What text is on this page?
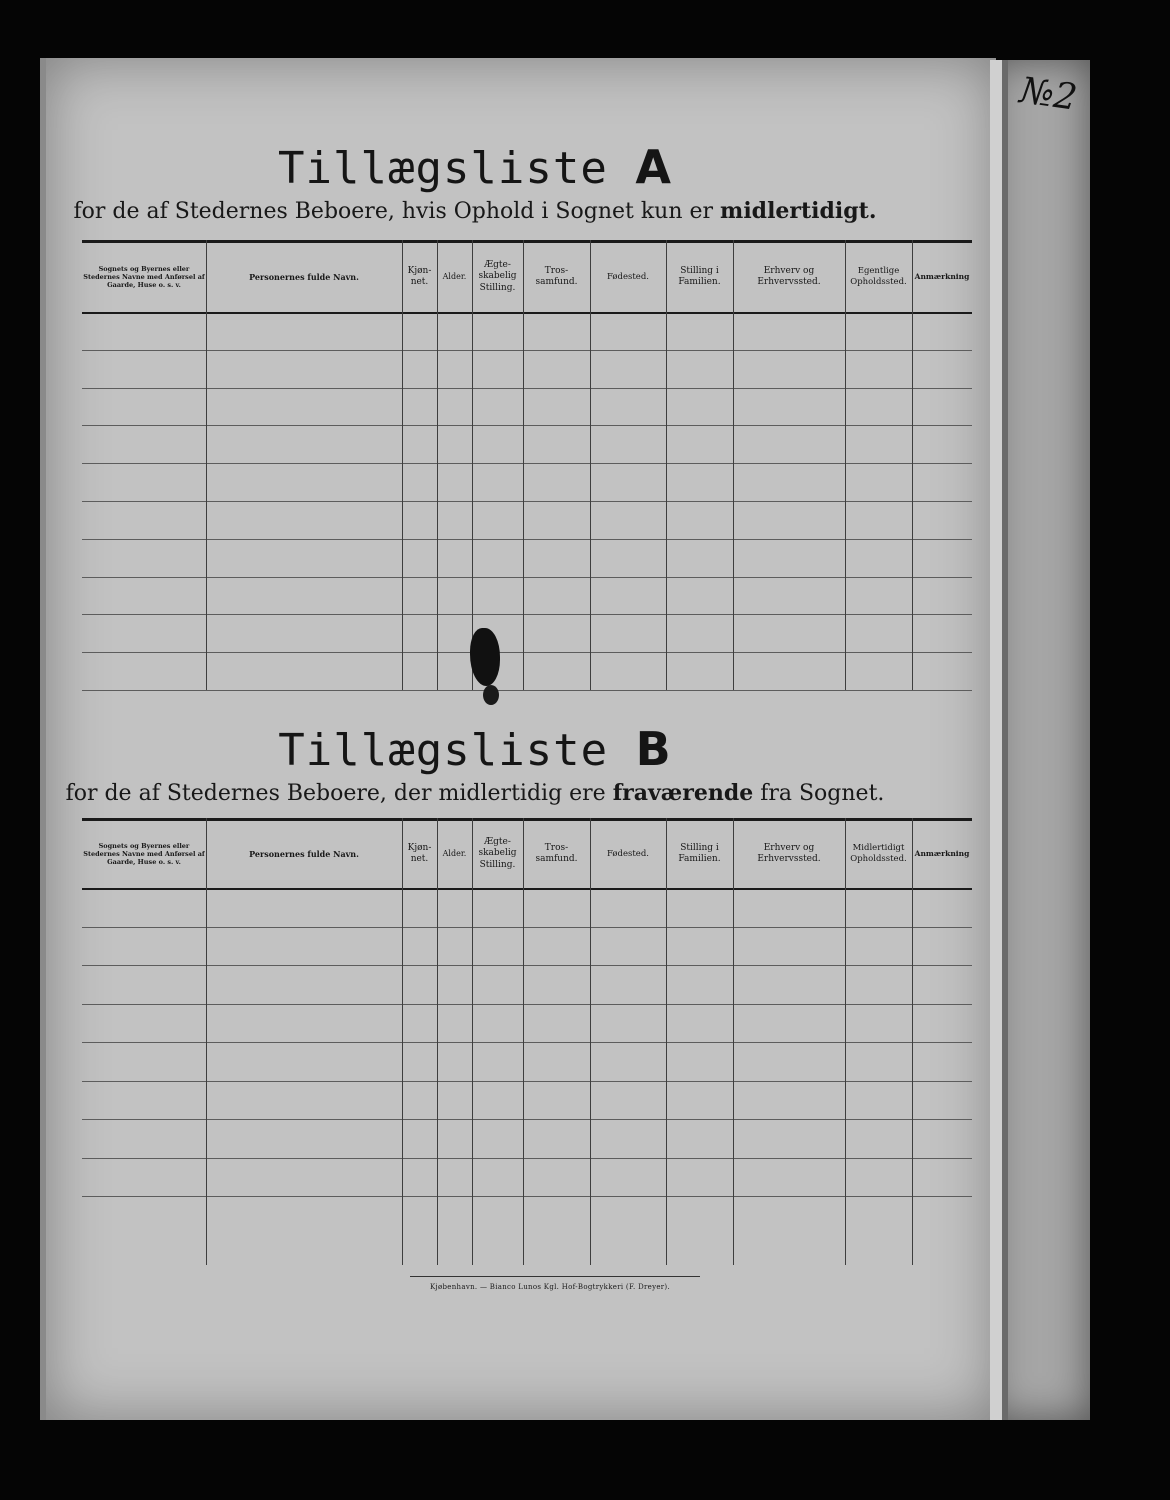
№2
Tillægsliste A
for de af Stedernes Beboere, hvis Ophold i Sognet kun er midlertidigt.
Sognets og Byernes eller Stedernes Navne med Anførsel af Gaarde, Huse o. s. v.
Personernes fulde Navn.
Kjøn-net.
Alder.
Ægte-skabelig Stilling.
Tros-samfund.
Fødested.
Stilling i Familien.
Erhverv og Erhvervssted.
Egentlige Opholdssted.
Anmærkning
Tillægsliste B
for de af Stedernes Beboere, der midlertidig ere fraværende fra Sognet.
Sognets og Byernes eller Stedernes Navne med Anførsel af Gaarde, Huse o. s. v.
Personernes fulde Navn.
Kjøn-net.
Alder.
Ægte-skabelig Stilling.
Tros-samfund.
Fødested.
Stilling i Familien.
Erhverv og Erhvervssted.
Midlertidigt Opholdssted.
Anmærkning
Kjøbenhavn. — Bianco Lunos Kgl. Hof-Bogtrykkeri (F. Dreyer).
